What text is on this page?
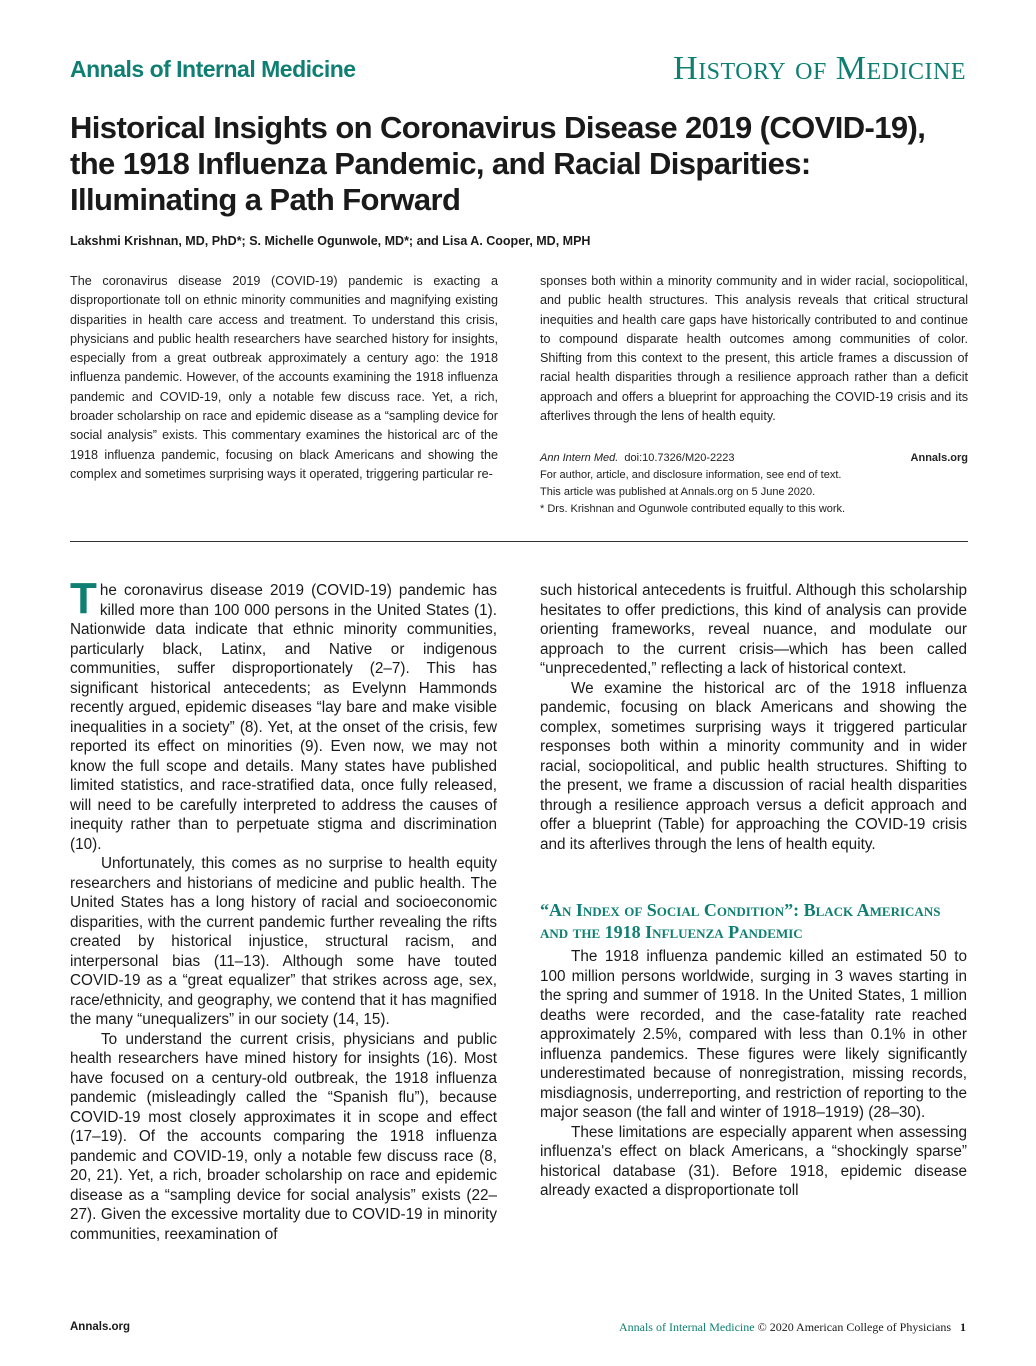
Annals of Internal Medicine	History of Medicine
Historical Insights on Coronavirus Disease 2019 (COVID-19), the 1918 Influenza Pandemic, and Racial Disparities: Illuminating a Path Forward
Lakshmi Krishnan, MD, PhD*; S. Michelle Ogunwole, MD*; and Lisa A. Cooper, MD, MPH
The coronavirus disease 2019 (COVID-19) pandemic is exacting a disproportionate toll on ethnic minority communities and magnifying existing disparities in health care access and treatment. To understand this crisis, physicians and public health researchers have searched history for insights, especially from a great outbreak approximately a century ago: the 1918 influenza pandemic. However, of the accounts examining the 1918 influenza pandemic and COVID-19, only a notable few discuss race. Yet, a rich, broader scholarship on race and epidemic disease as a “sampling device for social analysis” exists. This commentary examines the historical arc of the 1918 influenza pandemic, focusing on black Americans and showing the complex and sometimes surprising ways it operated, triggering particular re-
sponses both within a minority community and in wider racial, sociopolitical, and public health structures. This analysis reveals that critical structural inequities and health care gaps have historically contributed to and continue to compound disparate health outcomes among communities of color. Shifting from this context to the present, this article frames a discussion of racial health disparities through a resilience approach rather than a deficit approach and offers a blueprint for approaching the COVID-19 crisis and its afterlives through the lens of health equity.
Ann Intern Med. doi:10.7326/M20-2223	Annals.org
For author, article, and disclosure information, see end of text.
This article was published at Annals.org on 5 June 2020.
* Drs. Krishnan and Ogunwole contributed equally to this work.

The coronavirus disease 2019 (COVID-19) pandemic has killed more than 100 000 persons in the United States (1). Nationwide data indicate that ethnic minority communities, particularly black, Latinx, and Native or indigenous communities, suffer disproportionately (2–7). This has significant historical antecedents; as Evelynn Hammonds recently argued, epidemic diseases “lay bare and make visible inequalities in a society” (8). Yet, at the onset of the crisis, few reported its effect on minorities (9). Even now, we may not know the full scope and details. Many states have published limited statistics, and race-stratified data, once fully released, will need to be carefully interpreted to address the causes of inequity rather than to perpetuate stigma and discrimination (10).

Unfortunately, this comes as no surprise to health equity researchers and historians of medicine and public health. The United States has a long history of racial and socioeconomic disparities, with the current pandemic further revealing the rifts created by historical injustice, structural racism, and interpersonal bias (11–13). Although some have touted COVID-19 as a “great equalizer” that strikes across age, sex, race/ethnicity, and geography, we contend that it has magnified the many “unequalizers” in our society (14, 15).

To understand the current crisis, physicians and public health researchers have mined history for insights (16). Most have focused on a century-old outbreak, the 1918 influenza pandemic (misleadingly called the “Spanish flu”), because COVID-19 most closely approximates it in scope and effect (17–19). Of the accounts comparing the 1918 influenza pandemic and COVID-19, only a notable few discuss race (8, 20, 21). Yet, a rich, broader scholarship on race and epidemic disease as a “sampling device for social analysis” exists (22–27). Given the excessive mortality due to COVID-19 in minority communities, reexamination of

such historical antecedents is fruitful. Although this scholarship hesitates to offer predictions, this kind of analysis can provide orienting frameworks, reveal nuance, and modulate our approach to the current crisis—which has been called “unprecedented,” reflecting a lack of historical context.

We examine the historical arc of the 1918 influenza pandemic, focusing on black Americans and showing the complex, sometimes surprising ways it triggered particular responses both within a minority community and in wider racial, sociopolitical, and public health structures. Shifting to the present, we frame a discussion of racial health disparities through a resilience approach versus a deficit approach and offer a blueprint (Table) for approaching the COVID-19 crisis and its afterlives through the lens of health equity.

“An Index of Social Condition”: Black Americans and the 1918 Influenza Pandemic

The 1918 influenza pandemic killed an estimated 50 to 100 million persons worldwide, surging in 3 waves starting in the spring and summer of 1918. In the United States, 1 million deaths were recorded, and the case-fatality rate reached approximately 2.5%, compared with less than 0.1% in other influenza pandemics. These figures were likely significantly underestimated because of nonregistration, missing records, misdiagnosis, underreporting, and restriction of reporting to the major season (the fall and winter of 1918–1919) (28–30).

These limitations are especially apparent when assessing influenza's effect on black Americans, a “shockingly sparse” historical database (31). Before 1918, epidemic disease already exacted a disproportionate toll

Annals.org	Annals of Internal Medicine © 2020 American College of Physicians 1
